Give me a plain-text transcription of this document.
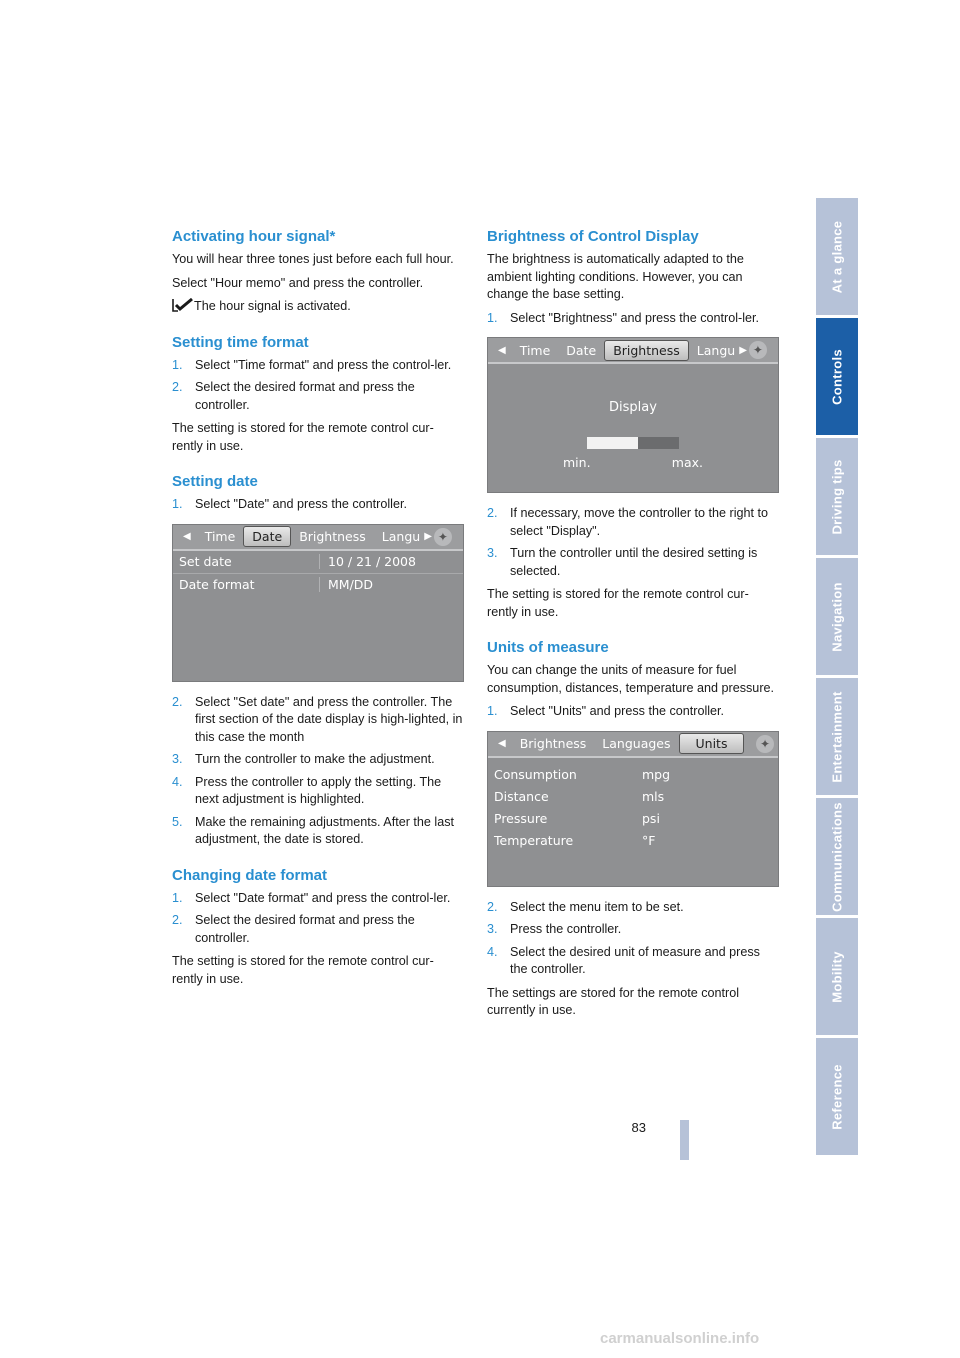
Activating hour signal*

You will hear three tones just before each full hour.

Select "Hour memo" and press the controller.

The hour signal is activated.

Setting time format
1. Select "Time format" and press the control-ler.
2. Select the desired format and press the controller.

The setting is stored for the remote control cur-rently in use.

Setting date
1. Select "Date" and press the controller.
◀	Time	Date	Brightness	Langu ▶ ✦
Set date	10 / 21 / 2008
Date format	MM/DD
2. Select "Set date" and press the controller. The first section of the date display is high-lighted, in this case the month
3. Turn the controller to make the adjustment.
4. Press the controller to apply the setting. The next adjustment is highlighted.
5. Make the remaining adjustments. After the last adjustment, the date is stored.
Changing date format
1. Select "Date format" and press the control-ler.
2. Select the desired format and press the controller.

The setting is stored for the remote control cur-rently in use.

Brightness of Control Display

The brightness is automatically adapted to the ambient lighting conditions. However, you can change the base setting.

1. Select "Brightness" and press the control-ler.
◀	Time	Date	Brightness	Langu ▶ ✦
Display
min.	max.
2. If necessary, move the controller to the right to select "Display".
3. Turn the controller until the desired setting is selected.

The setting is stored for the remote control cur-rently in use.

Units of measure

You can change the units of measure for fuel consumption, distances, temperature and pressure.

1. Select "Units" and press the controller.
◀	Brightness	Languages	Units	✦
Consumption	mpg
Distance	mls
Pressure	psi
Temperature	°F
2. Select the menu item to be set.
3. Press the controller.
4. Select the desired unit of measure and press the controller.

The settings are stored for the remote control currently in use.

At a glance
Controls
Driving tips
Navigation
Entertainment
Communications
Mobility
Reference
83
carmanualsonline.info
